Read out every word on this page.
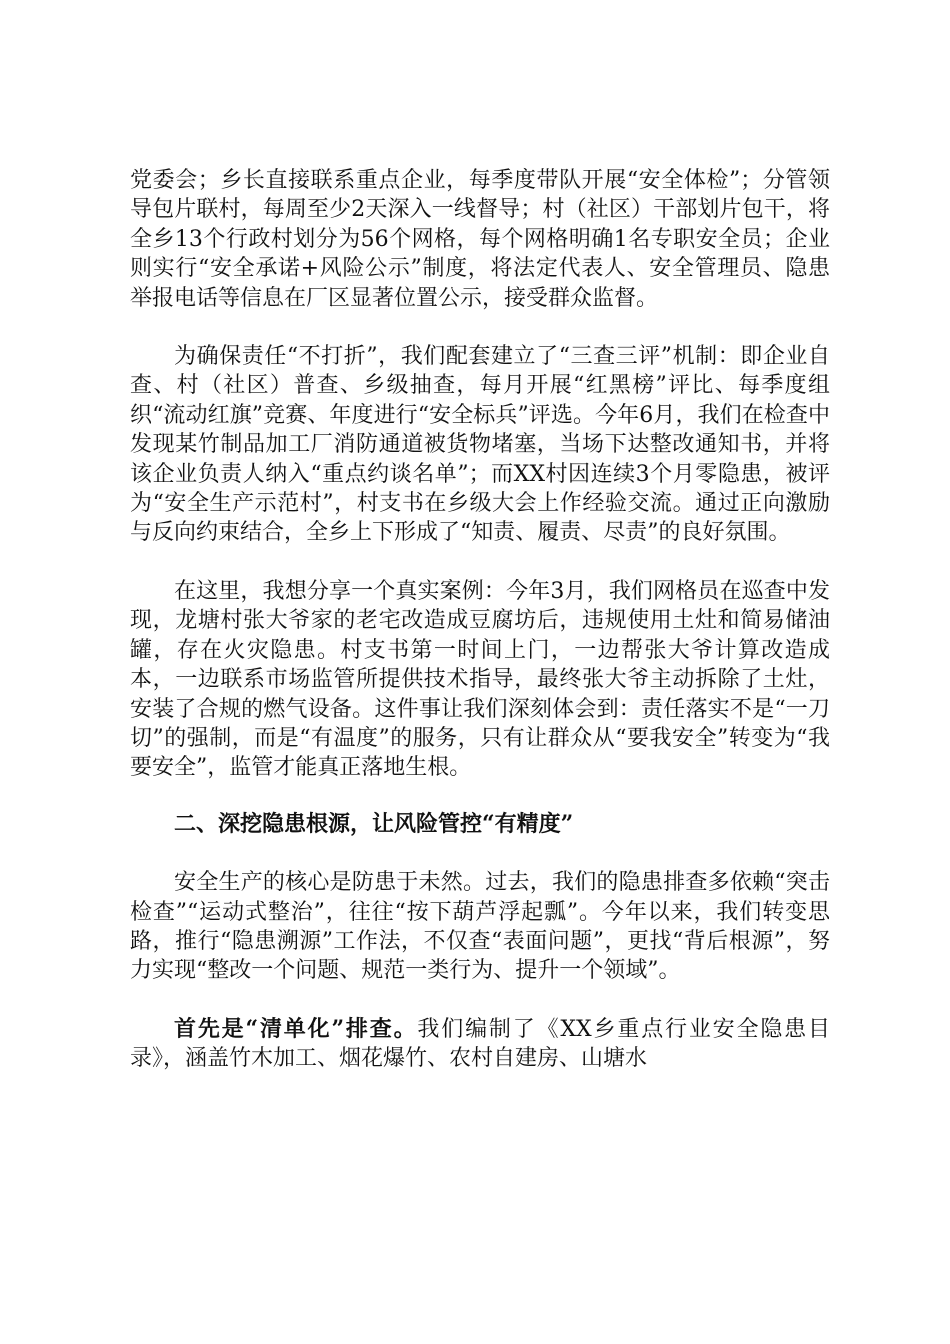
党委会；乡长直接联系重点企业，每季度带队开展“安全体检”；分管领导包片联村，每周至少2天深入一线督导；村（社区）干部划片包干，将全乡13个行政村划分为56个网格，每个网格明确1名专职安全员；企业则实行“安全承诺+风险公示”制度，将法定代表人、安全管理员、隐患举报电话等信息在厂区显著位置公示，接受群众监督。

为确保责任“不打折”，我们配套建立了“三查三评”机制：即企业自查、村（社区）普查、乡级抽查，每月开展“红黑榜”评比、每季度组织“流动红旗”竞赛、年度进行“安全标兵”评选。今年6月，我们在检查中发现某竹制品加工厂消防通道被货物堵塞，当场下达整改通知书，并将该企业负责人纳入“重点约谈名单”；而XX村因连续3个月零隐患，被评为“安全生产示范村”，村支书在乡级大会上作经验交流。通过正向激励与反向约束结合，全乡上下形成了“知责、履责、尽责”的良好氛围。

在这里，我想分享一个真实案例：今年3月，我们网格员在巡查中发现，龙塘村张大爷家的老宅改造成豆腐坊后，违规使用土灶和简易储油罐，存在火灾隐患。村支书第一时间上门，一边帮张大爷计算改造成本，一边联系市场监管所提供技术指导，最终张大爷主动拆除了土灶，安装了合规的燃气设备。这件事让我们深刻体会到：责任落实不是“一刀切”的强制，而是“有温度”的服务，只有让群众从“要我安全”转变为“我要安全”，监管才能真正落地生根。

二、深挖隐患根源，让风险管控“有精度”

安全生产的核心是防患于未然。过去，我们的隐患排查多依赖“突击检查”“运动式整治”，往往“按下葫芦浮起瓢”。今年以来，我们转变思路，推行“隐患溯源”工作法，不仅查“表面问题”，更找“背后根源”，努力实现“整改一个问题、规范一类行为、提升一个领域”。

首先是“清单化”排查。我们编制了《XX乡重点行业安全隐患目录》，涵盖竹木加工、烟花爆竹、农村自建房、山塘水
